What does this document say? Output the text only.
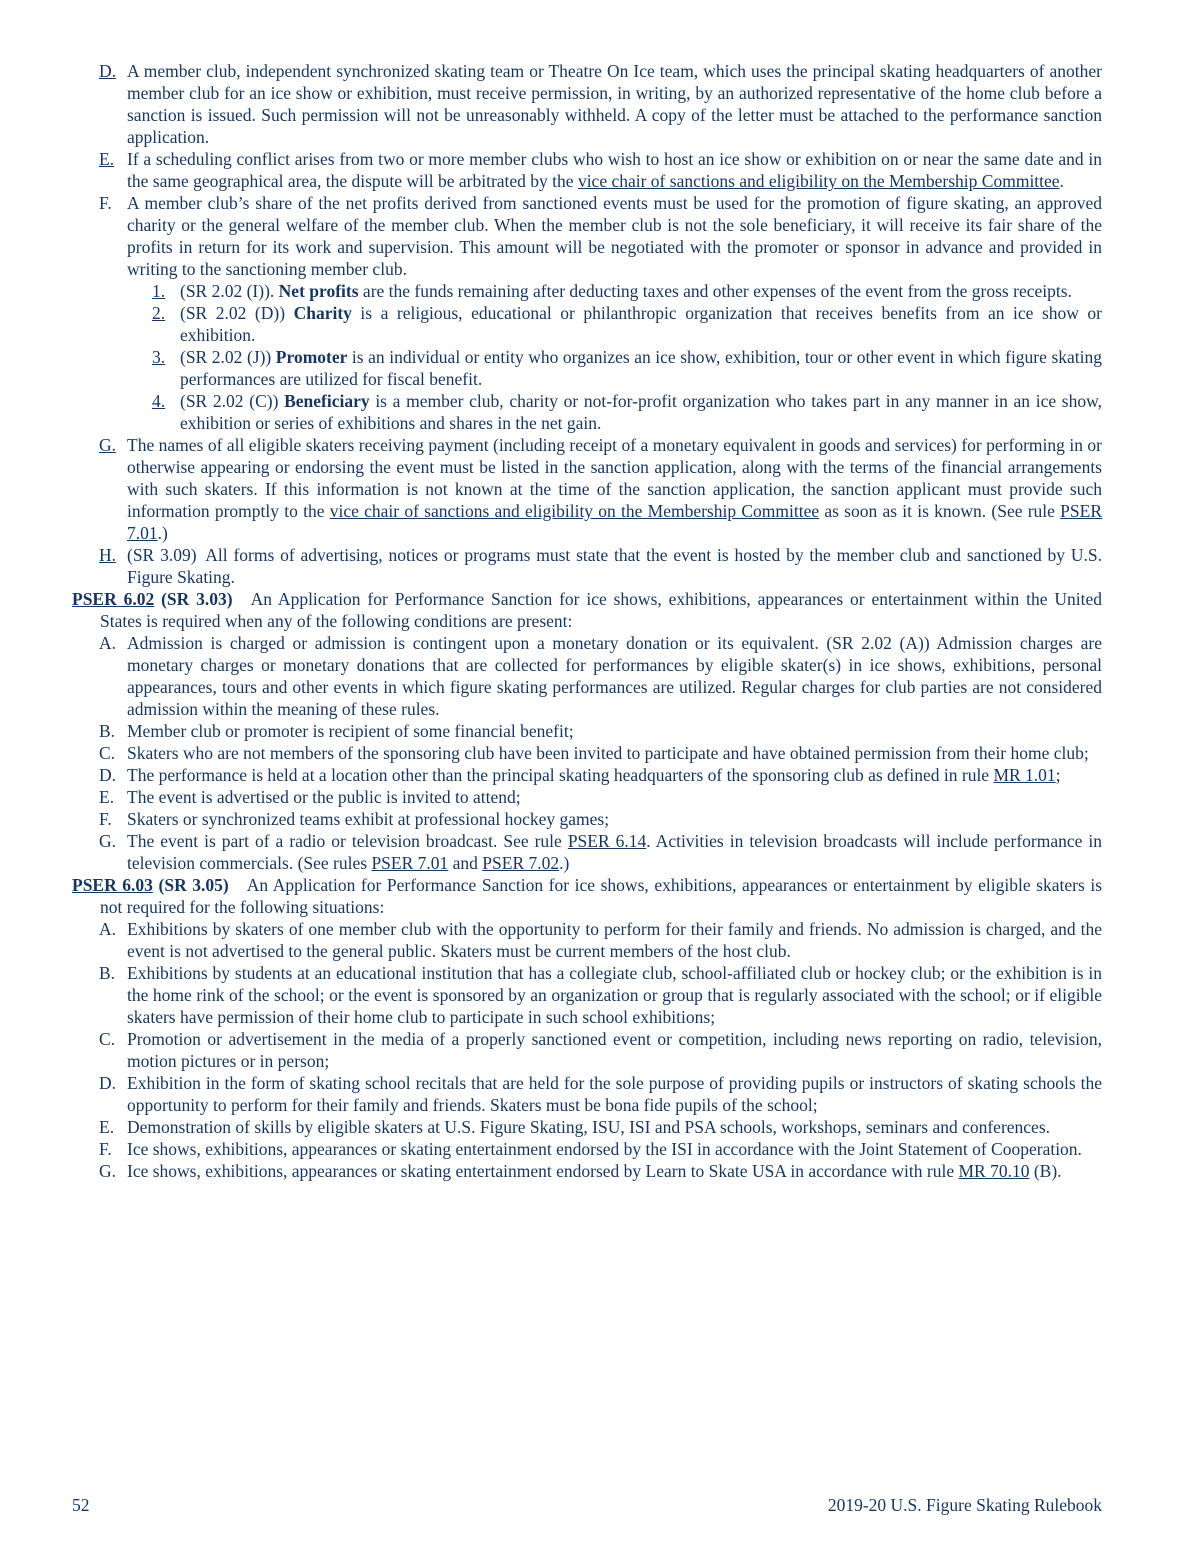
D. A member club, independent synchronized skating team or Theatre On Ice team, which uses the principal skating headquarters of another member club for an ice show or exhibition, must receive permission, in writing, by an authorized representative of the home club before a sanction is issued. Such permission will not be unreasonably withheld. A copy of the letter must be attached to the performance sanction application.
E. If a scheduling conflict arises from two or more member clubs who wish to host an ice show or exhibition on or near the same date and in the same geographical area, the dispute will be arbitrated by the vice chair of sanctions and eligibility on the Membership Committee.
F. A member club’s share of the net profits derived from sanctioned events must be used for the promotion of figure skating, an approved charity or the general welfare of the member club. When the member club is not the sole beneficiary, it will receive its fair share of the profits in return for its work and supervision. This amount will be negotiated with the promoter or sponsor in advance and provided in writing to the sanctioning member club.
1. (SR 2.02 (I)). Net profits are the funds remaining after deducting taxes and other expenses of the event from the gross receipts.
2. (SR 2.02 (D)) Charity is a religious, educational or philanthropic organization that receives benefits from an ice show or exhibition.
3. (SR 2.02 (J)) Promoter is an individual or entity who organizes an ice show, exhibition, tour or other event in which figure skating performances are utilized for fiscal benefit.
4. (SR 2.02 (C)) Beneficiary is a member club, charity or not-for-profit organization who takes part in any manner in an ice show, exhibition or series of exhibitions and shares in the net gain.
G. The names of all eligible skaters receiving payment (including receipt of a monetary equivalent in goods and services) for performing in or otherwise appearing or endorsing the event must be listed in the sanction application, along with the terms of the financial arrangements with such skaters. If this information is not known at the time of the sanction application, the sanction applicant must provide such information promptly to the vice chair of sanctions and eligibility on the Membership Committee as soon as it is known. (See rule PSER 7.01.)
H. (SR 3.09) All forms of advertising, notices or programs must state that the event is hosted by the member club and sanctioned by U.S. Figure Skating.
PSER 6.02 (SR 3.03) An Application for Performance Sanction for ice shows, exhibitions, appearances or entertainment within the United States is required when any of the following conditions are present:
A. Admission is charged or admission is contingent upon a monetary donation or its equivalent. (SR 2.02 (A)) Admission charges are monetary charges or monetary donations that are collected for performances by eligible skater(s) in ice shows, exhibitions, personal appearances, tours and other events in which figure skating performances are utilized. Regular charges for club parties are not considered admission within the meaning of these rules.
B. Member club or promoter is recipient of some financial benefit;
C. Skaters who are not members of the sponsoring club have been invited to participate and have obtained permission from their home club;
D. The performance is held at a location other than the principal skating headquarters of the sponsoring club as defined in rule MR 1.01;
E. The event is advertised or the public is invited to attend;
F. Skaters or synchronized teams exhibit at professional hockey games;
G. The event is part of a radio or television broadcast. See rule PSER 6.14. Activities in television broadcasts will include performance in television commercials. (See rules PSER 7.01 and PSER 7.02.)
PSER 6.03 (SR 3.05) An Application for Performance Sanction for ice shows, exhibitions, appearances or entertainment by eligible skaters is not required for the following situations:
A. Exhibitions by skaters of one member club with the opportunity to perform for their family and friends. No admission is charged, and the event is not advertised to the general public. Skaters must be current members of the host club.
B. Exhibitions by students at an educational institution that has a collegiate club, school-affiliated club or hockey club; or the exhibition is in the home rink of the school; or the event is sponsored by an organization or group that is regularly associated with the school; or if eligible skaters have permission of their home club to participate in such school exhibitions;
C. Promotion or advertisement in the media of a properly sanctioned event or competition, including news reporting on radio, television, motion pictures or in person;
D. Exhibition in the form of skating school recitals that are held for the sole purpose of providing pupils or instructors of skating schools the opportunity to perform for their family and friends. Skaters must be bona fide pupils of the school;
E. Demonstration of skills by eligible skaters at U.S. Figure Skating, ISU, ISI and PSA schools, workshops, seminars and conferences.
F. Ice shows, exhibitions, appearances or skating entertainment endorsed by the ISI in accordance with the Joint Statement of Cooperation.
G. Ice shows, exhibitions, appearances or skating entertainment endorsed by Learn to Skate USA in accordance with rule MR 70.10 (B).
52	2019-20 U.S. Figure Skating Rulebook
